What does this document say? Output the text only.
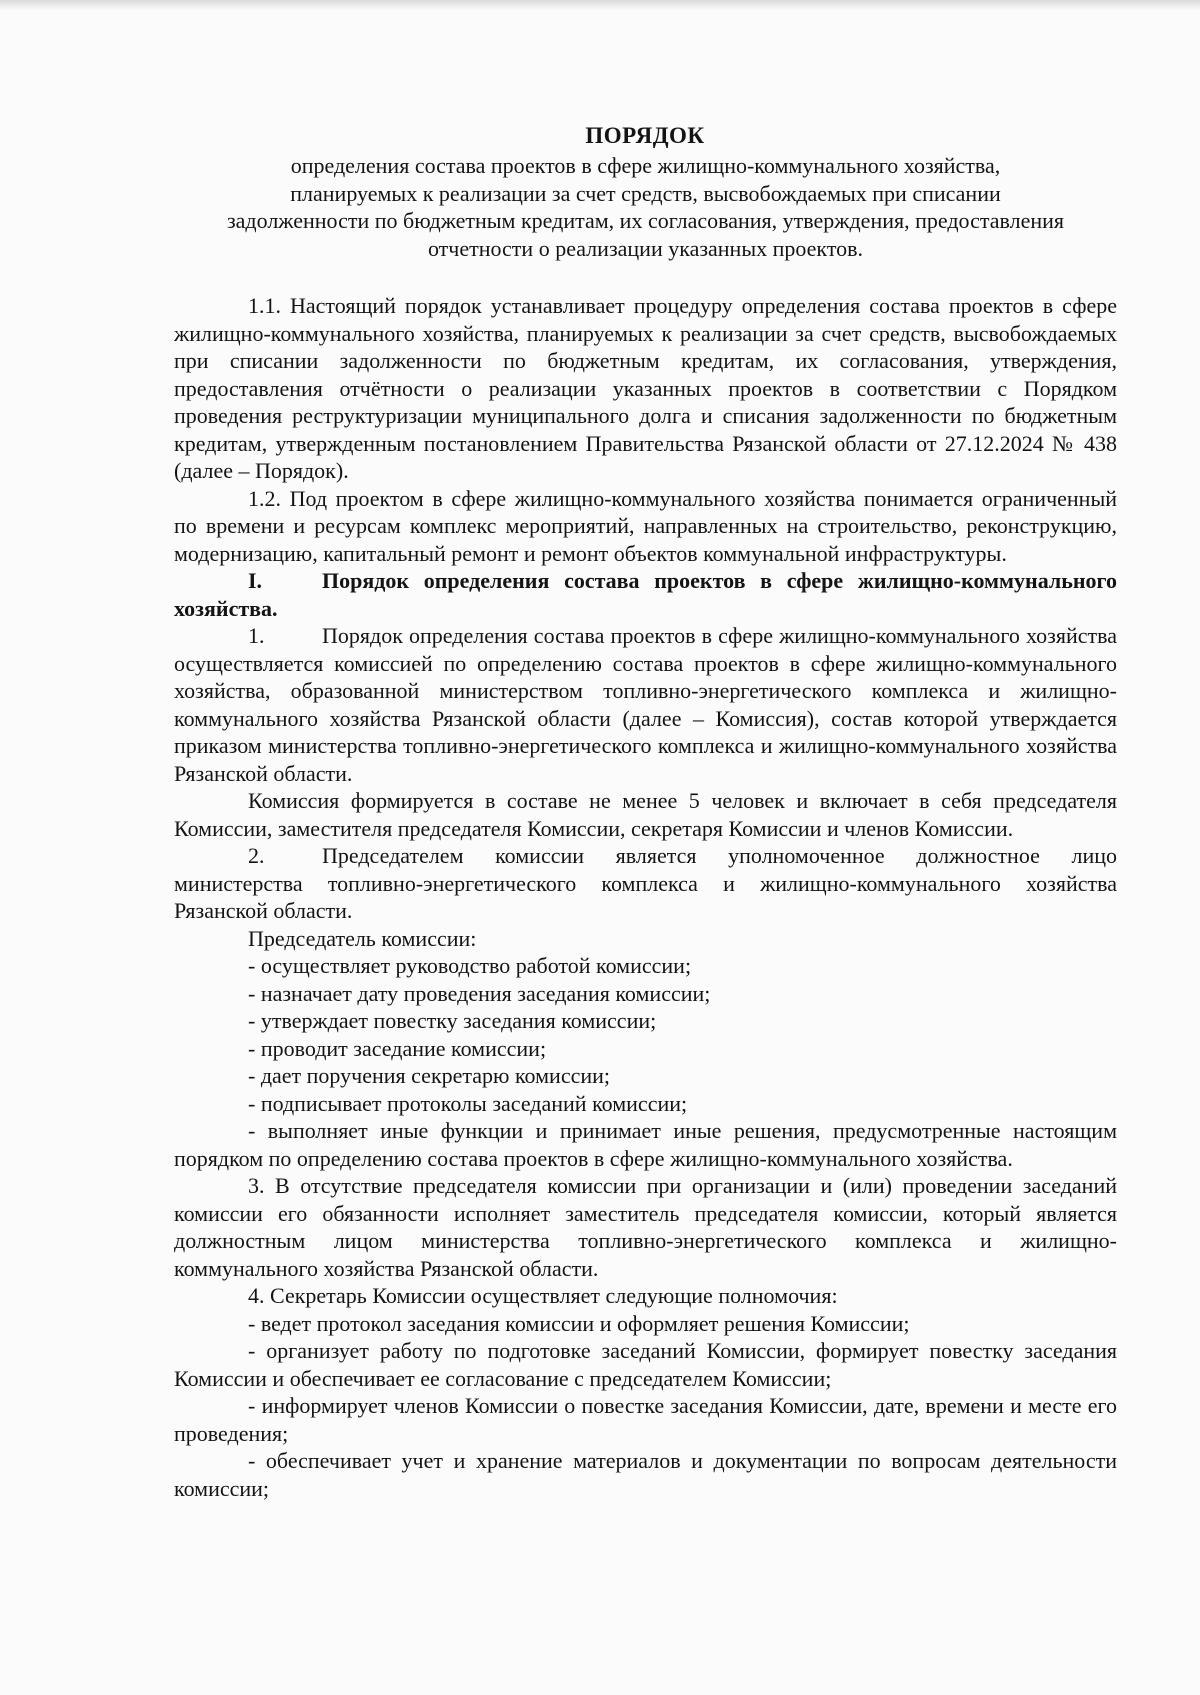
ПОРЯДОК
определения состава проектов в сфере жилищно-коммунального хозяйства,
планируемых к реализации за счет средств, высвобождаемых при списании
задолженности по бюджетным кредитам, их согласования, утверждения, предоставления
отчетности о реализации указанных проектов.

1.1. Настоящий порядок устанавливает процедуру определения состава проектов в сфере жилищно-коммунального хозяйства, планируемых к реализации за счет средств, высвобождаемых при списании задолженности по бюджетным кредитам, их согласования, утверждения, предоставления отчётности о реализации указанных проектов в соответствии с Порядком проведения реструктуризации муниципального долга и списания задолженности по бюджетным кредитам, утвержденным постановлением Правительства Рязанской области от 27.12.2024 № 438 (далее – Порядок).

1.2. Под проектом в сфере жилищно-коммунального хозяйства понимается ограниченный по времени и ресурсам комплекс мероприятий, направленных на строительство, реконструкцию, модернизацию, капитальный ремонт и ремонт объектов коммунальной инфраструктуры.

I.	Порядок определения состава проектов в сфере жилищно-коммунального хозяйства.

1.	Порядок определения состава проектов в сфере жилищно-коммунального хозяйства осуществляется комиссией по определению состава проектов в сфере жилищно-коммунального хозяйства, образованной министерством топливно-энергетического комплекса и жилищно-коммунального хозяйства Рязанской области (далее – Комиссия), состав которой утверждается приказом министерства топливно-энергетического комплекса и жилищно-коммунального хозяйства Рязанской области.

Комиссия формируется в составе не менее 5 человек и включает в себя председателя Комиссии, заместителя председателя Комиссии, секретаря Комиссии и членов Комиссии.

2.	Председателем комиссии является уполномоченное должностное лицо министерства топливно-энергетического комплекса и жилищно-коммунального хозяйства Рязанской области.

Председатель комиссии:

- осуществляет руководство работой комиссии;

- назначает дату проведения заседания комиссии;

- утверждает повестку заседания комиссии;

- проводит заседание комиссии;

- дает поручения секретарю комиссии;

- подписывает протоколы заседаний комиссии;

- выполняет иные функции и принимает иные решения, предусмотренные настоящим порядком по определению состава проектов в сфере жилищно-коммунального хозяйства.

3. В отсутствие председателя комиссии при организации и (или) проведении заседаний комиссии его обязанности исполняет заместитель председателя комиссии, который является должностным лицом министерства топливно-энергетического комплекса и жилищно-коммунального хозяйства Рязанской области.

4. Секретарь Комиссии осуществляет следующие полномочия:

- ведет протокол заседания комиссии и оформляет решения Комиссии;

- организует работу по подготовке заседаний Комиссии, формирует повестку заседания Комиссии и обеспечивает ее согласование с председателем Комиссии;

- информирует членов Комиссии о повестке заседания Комиссии, дате, времени и месте его проведения;

- обеспечивает учет и хранение материалов и документации по вопросам деятельности комиссии;
